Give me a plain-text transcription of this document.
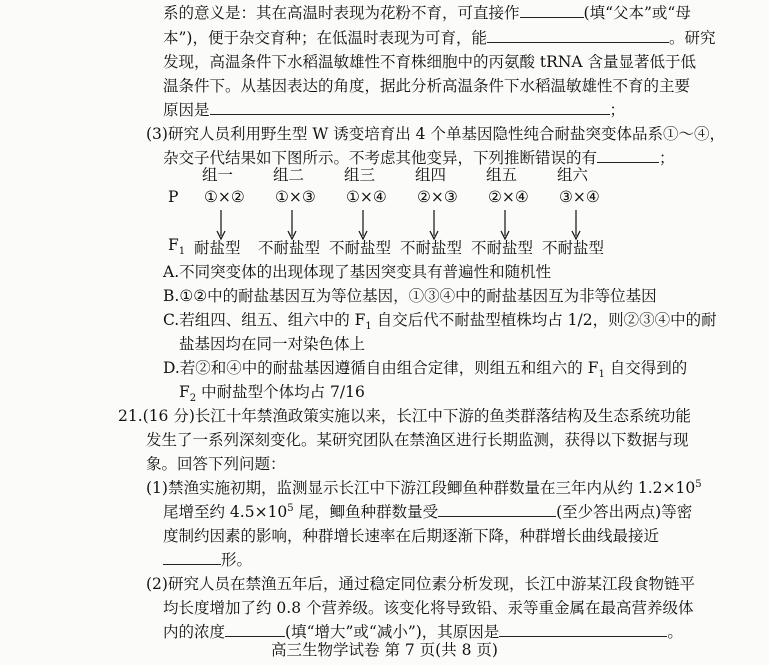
系的意义是：其在高温时表现为花粉不育，可直接作	(填“父本”或“母
本”)，便于杂交育种；在低温时表现为可育，能	。研究
发现，高温条件下水稻温敏雄性不育株细胞中的丙氨酸 tRNA 含量显著低于低
温条件下。从基因表达的角度，据此分析高温条件下水稻温敏雄性不育的主要
原因是	；
(3)研究人员利用野生型 W 诱变培育出 4 个单基因隐性纯合耐盐突变体品系①～④，
杂交子代结果如下图所示。不考虑其他变异，下列推断错误的有	；
组一	组二	组三	组四	组五	组六
P ①×② ①×③ ①×④ ②×③ ②×④ ③×④
$F_1$ 耐盐型 不耐盐型 不耐盐型 不耐盐型 不耐盐型 不耐盐型
A.不同突变体的出现体现了基因突变具有普遍性和随机性
B.①②中的耐盐基因互为等位基因，①③④中的耐盐基因互为非等位基因
C.若组四、组五、组六中的 $F_1$ 自交后代不耐盐型植株均占 1/2，则②③④中的耐
盐基因均在同一对染色体上
D.若②和④中的耐盐基因遵循自由组合定律，则组五和组六的 $F_1$ 自交得到的
$F_2$ 中耐盐型个体均占 7/16
21.(16 分)长江十年禁渔政策实施以来，长江中下游的鱼类群落结构及生态系统功能
发生了一系列深刻变化。某研究团队在禁渔区进行长期监测，获得以下数据与现
象。回答下列问题：
(1)禁渔实施初期，监测显示长江中下游江段鲫鱼种群数量在三年内从约 $1.2\times 10^5$
尾增至约 $4.5\times 10^5$ 尾，鲫鱼种群数量受	(至少答出两点)等密
度制约因素的影响，种群增长速率在后期逐渐下降，种群增长曲线最接近
形。
(2)研究人员在禁渔五年后，通过稳定同位素分析发现，长江中游某江段食物链平
均长度增加了约 0.8 个营养级。该变化将导致铅、汞等重金属在最高营养级体
内的浓度	(填“增大”或“减小”)，其原因是	。
高三生物学试卷 第 7 页(共 8 页)
